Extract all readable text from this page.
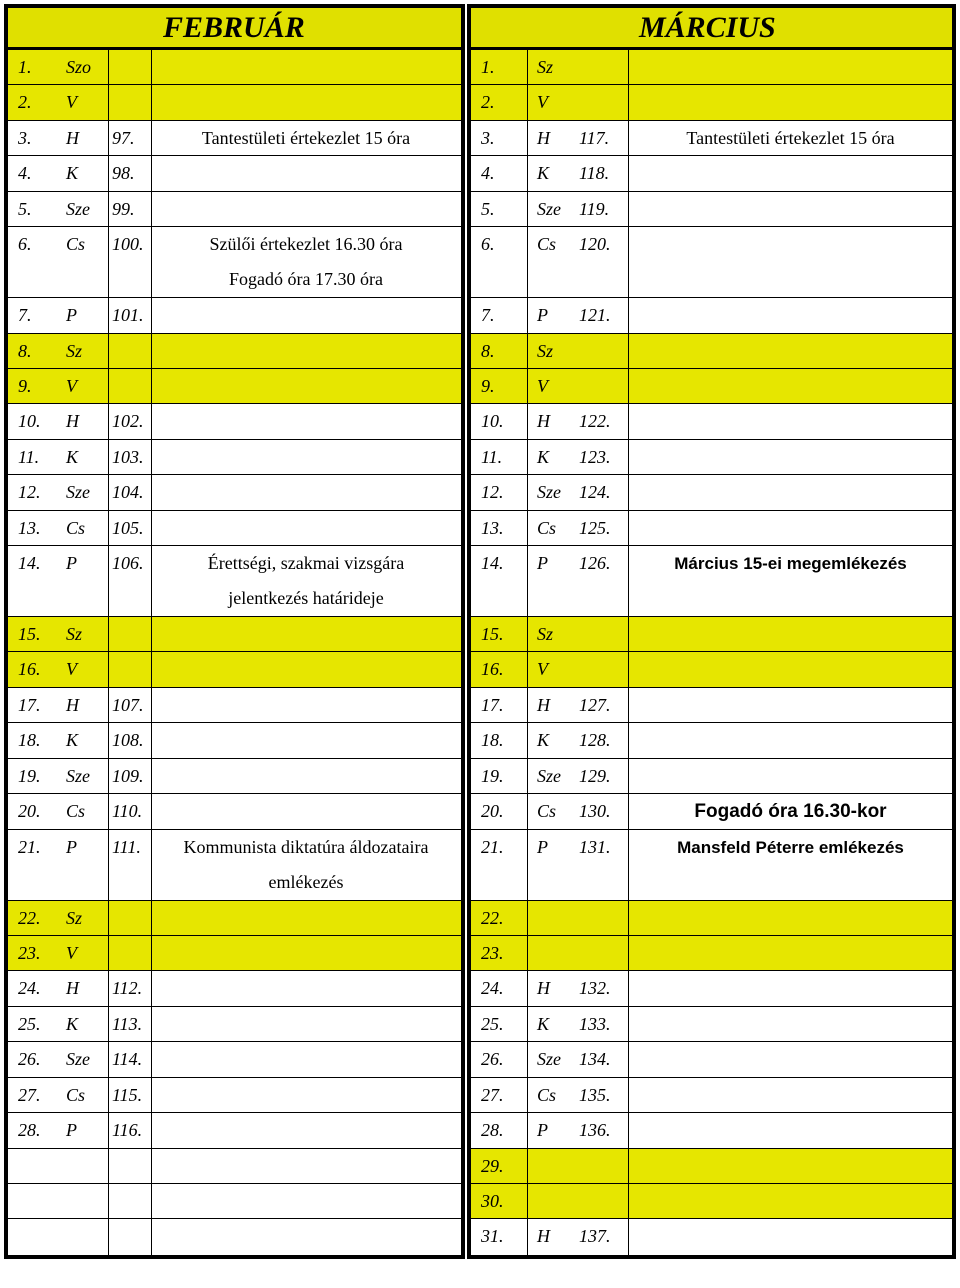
FEBRUÁR
1. Szo
2. V
3. H 97.	Tantestületi értekezlet 15 óra
4. K 98.
5. Sze 99.
6. Cs 100.	Szülői értekezlet 16.30 óra
Fogadó óra 17.30 óra
7. P 101.
8. Sz
9. V
10. H 102.
11. K 103.
12. Sze 104.
13. Cs 105.
14. P 106.	Érettségi, szakmai vizsgára
jelentkezés határideje
15. Sz
16. V
17. H 107.
18. K 108.
19. Sze 109.
20. Cs 110.
21. P 111.	Kommunista diktatúra áldozataira
emlékezés
22. Sz
23. V
24. H 112.
25. K 113.
26. Sze 114.
27. Cs 115.
28. P 116.
MÁRCIUS
1. Sz
2. V
3. H 117.	Tantestületi értekezlet 15 óra
4. K 118.
5. Sze 119.
6. Cs 120.
7. P 121.
8. Sz
9. V
10. H 122.
11. K 123.
12. Sze 124.
13. Cs 125.
14. P 126.	Március 15-ei megemlékezés
15. Sz
16. V
17. H 127.
18. K 128.
19. Sze 129.
20. Cs 130.	Fogadó óra 16.30-kor
21. P 131.	Mansfeld Péterre emlékezés
22.
23.
24. H 132.
25. K 133.
26. Sze 134.
27. Cs 135.
28. P 136.
29.
30.
31. H 137.
